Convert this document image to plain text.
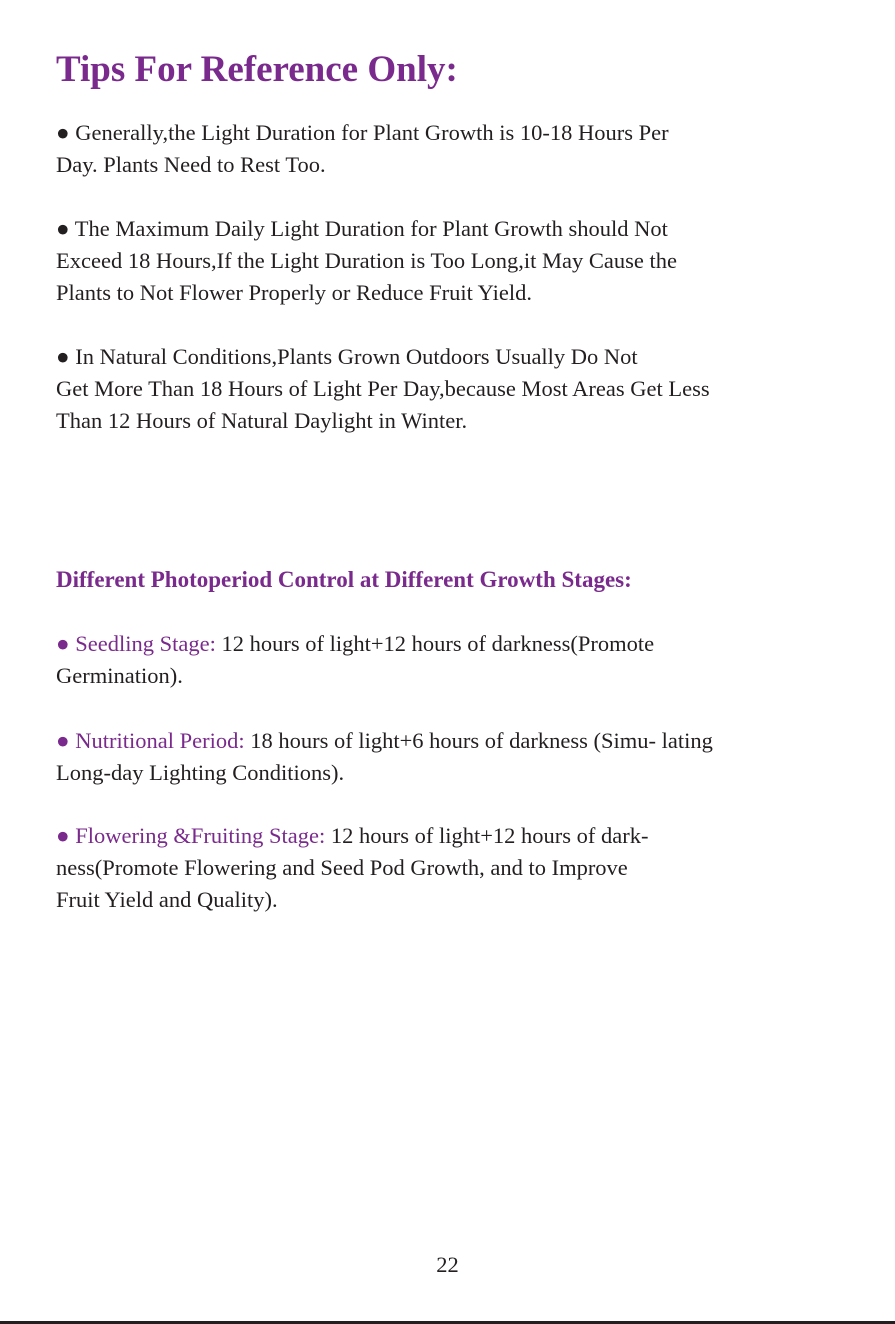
Tips For Reference Only:

● Generally,the Light Duration for Plant Growth is 10-18 Hours Per
Day. Plants Need to Rest Too.

● The Maximum Daily Light Duration for Plant Growth should Not
Exceed 18 Hours,If the Light Duration is Too Long,it May Cause the
Plants to Not Flower Properly or Reduce Fruit Yield.

● In Natural Conditions,Plants Grown Outdoors Usually Do Not
Get More Than 18 Hours of Light Per Day,because Most Areas Get Less
Than 12 Hours of Natural Daylight in Winter.

Different Photoperiod Control at Different Growth Stages:

● Seedling Stage: 12 hours of light+12 hours of darkness(Promote
Germination).

● Nutritional Period: 18 hours of light+6 hours of darkness (Simu- lating
Long-day Lighting Conditions).

● Flowering &Fruiting Stage: 12 hours of light+12 hours of dark-
ness(Promote Flowering and Seed Pod Growth, and to Improve
Fruit Yield and Quality).

22
